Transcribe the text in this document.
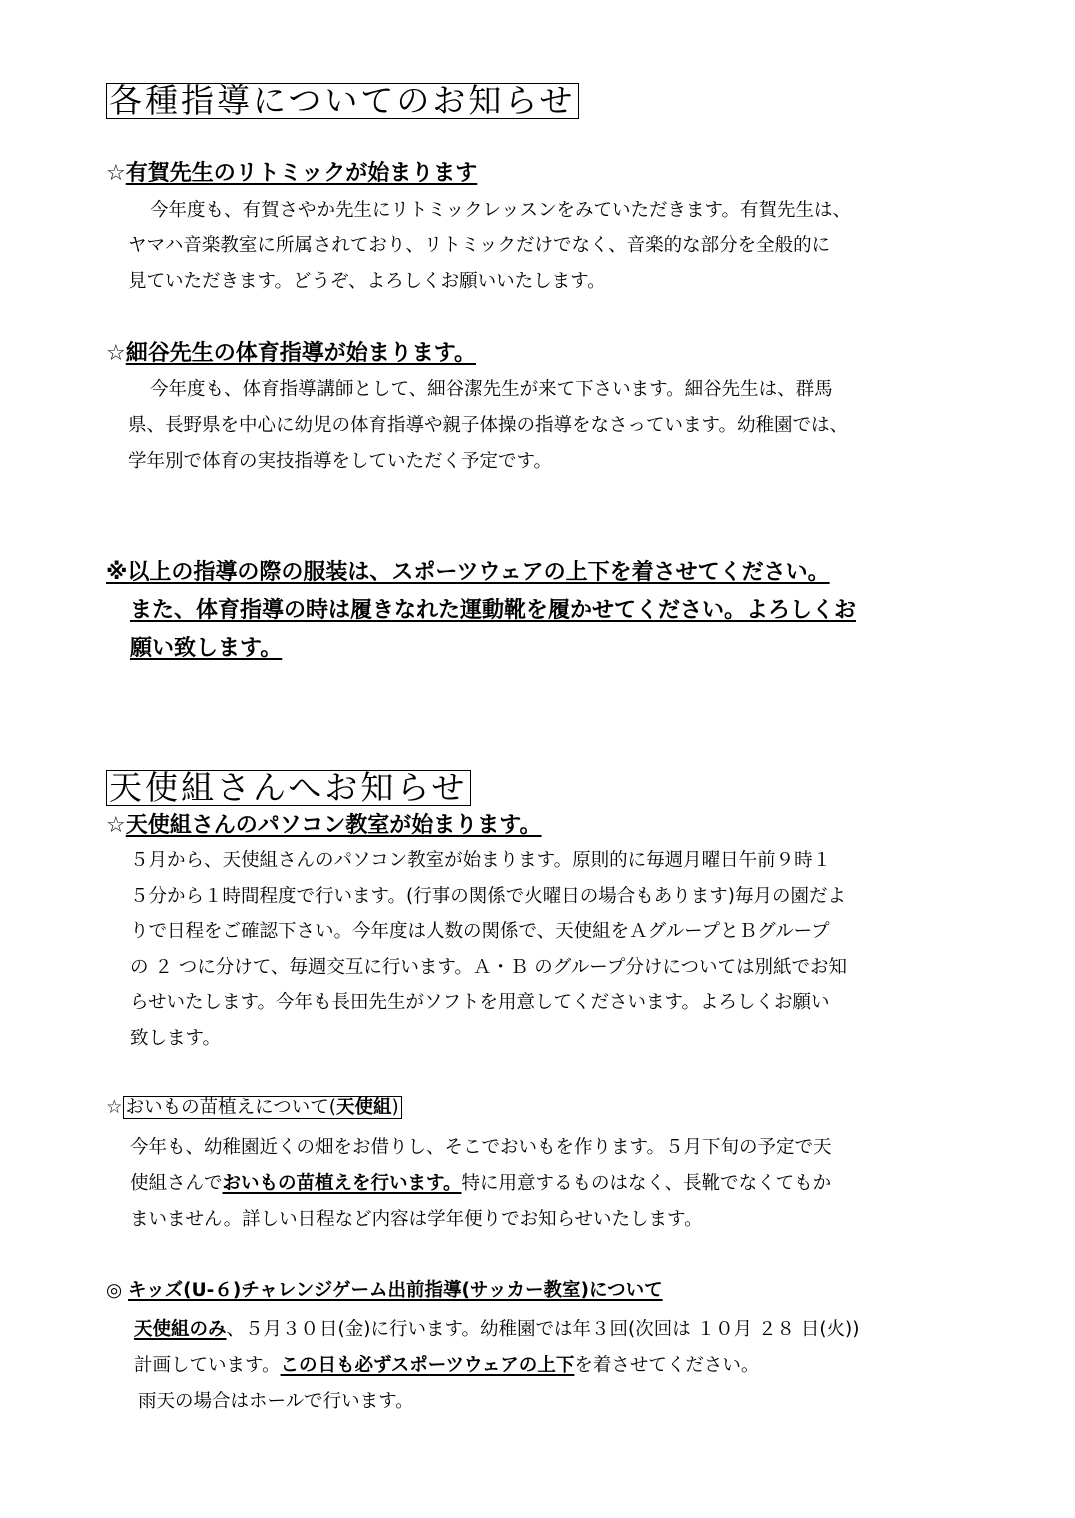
各種指導についてのお知らせ
☆有賀先生のリトミックが始まります
今年度も、有賀さやか先生にリトミックレッスンをみていただきます。有賀先生は、
ヤマハ音楽教室に所属されており、リトミックだけでなく、音楽的な部分を全般的に
見ていただきます。どうぞ、よろしくお願いいたします。
☆細谷先生の体育指導が始まります。
今年度も、体育指導講師として、細谷潔先生が来て下さいます。細谷先生は、群馬
県、長野県を中心に幼児の体育指導や親子体操の指導をなさっています。幼稚園では、
学年別で体育の実技指導をしていただく予定です。
※以上の指導の際の服装は、スポーツウェアの上下を着させてください。
また、体育指導の時は履きなれた運動靴を履かせてください。よろしくお
願い致します。
天使組さんへお知らせ
☆天使組さんのパソコン教室が始まります。
５月から、天使組さんのパソコン教室が始まります。原則的に毎週月曜日午前９時１
５分から１時間程度で行います。(行事の関係で火曜日の場合もあります)毎月の園だよ
りで日程をご確認下さい。今年度は人数の関係で、天使組をＡグループとＢグループ
の ２ つに分けて、毎週交互に行います。Ａ・Ｂ のグループ分けについては別紙でお知
らせいたします。今年も長田先生がソフトを用意してくださいます。よろしくお願い
致します。
☆ おいもの苗植えについて(天使組)
今年も、幼稚園近くの畑をお借りし、そこでおいもを作ります。５月下旬の予定で天
使組さんでおいもの苗植えを行います。特に用意するものはなく、長靴でなくてもか
まいません。詳しい日程など内容は学年便りでお知らせいたします。
◎ キッズ(U-６)チャレンジゲーム出前指導(サッカー教室)について
天使組のみ、５月３０日(金)に行います。幼稚園では年３回(次回は １０月 ２８ 日(火))
計画しています。この日も必ずスポーツウェアの上下を着させてください。
雨天の場合はホールで行います。
